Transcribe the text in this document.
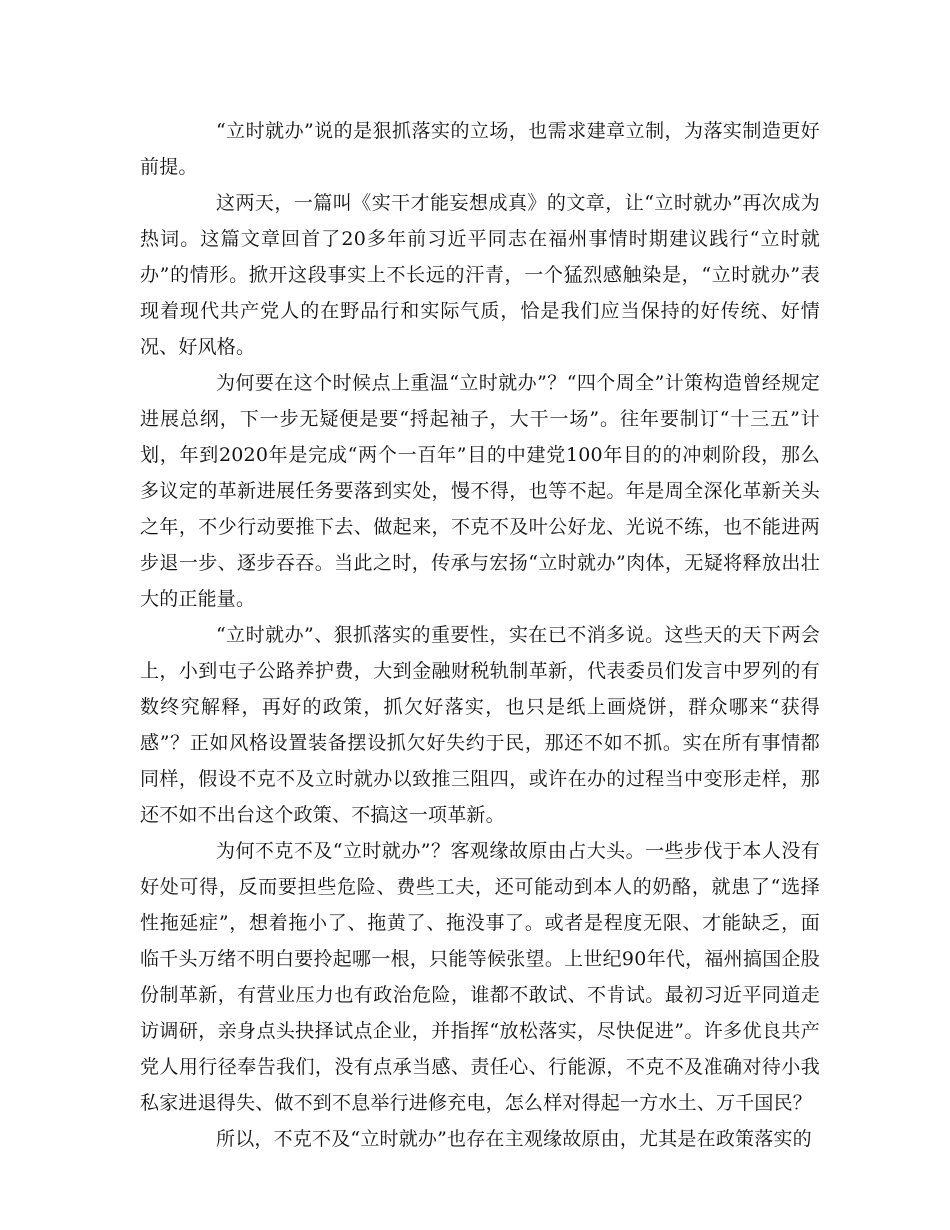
“立时就办”说的是狠抓落实的立场，也需求建章立制，为落实制造更好前提。

这两天，一篇叫《实干才能妄想成真》的文章，让“立时就办”再次成为热词。这篇文章回首了20多年前习近平同志在福州事情时期建议践行“立时就办”的情形。掀开这段事实上不长远的汗青，一个猛烈感触染是，“立时就办”表现着现代共产党人的在野品行和实际气质，恰是我们应当保持的好传统、好情况、好风格。

为何要在这个时候点上重温“立时就办”？“四个周全”计策构造曾经规定进展总纲，下一步无疑便是要“捋起袖子，大干一场”。往年要制订“十三五”计划，年到2020年是完成“两个一百年”目的中建党100年目的的冲刺阶段，那么多议定的革新进展任务要落到实处，慢不得，也等不起。年是周全深化革新关头之年，不少行动要推下去、做起来，不克不及叶公好龙、光说不练，也不能进两步退一步、逐步吞吞。当此之时，传承与宏扬“立时就办”肉体，无疑将释放出壮大的正能量。

“立时就办”、狠抓落实的重要性，实在已不消多说。这些天的天下两会上，小到屯子公路养护费，大到金融财税轨制革新，代表委员们发言中罗列的有数终究解释，再好的政策，抓欠好落实，也只是纸上画烧饼，群众哪来“获得感”？正如风格设置装备摆设抓欠好失约于民，那还不如不抓。实在所有事情都同样，假设不克不及立时就办以致推三阻四，或许在办的过程当中变形走样，那还不如不出台这个政策、不搞这一项革新。

为何不克不及“立时就办”？客观缘故原由占大头。一些步伐于本人没有好处可得，反而要担些危险、费些工夫，还可能动到本人的奶酪，就患了“选择性拖延症”，想着拖小了、拖黄了、拖没事了。或者是程度无限、才能缺乏，面临千头万绪不明白要拎起哪一根，只能等候张望。上世纪90年代，福州搞国企股份制革新，有营业压力也有政治危险，谁都不敢试、不肯试。最初习近平同道走访调研，亲身点头抉择试点企业，并指挥“放松落实，尽快促进”。许多优良共产党人用行径奉告我们，没有点承当感、责任心、行能源，不克不及准确对待小我私家进退得失、做不到不息举行进修充电，怎么样对得起一方水土、万千国民？

所以，不克不及“立时就办”也存在主观缘故原由，尤其是在政策落实的
